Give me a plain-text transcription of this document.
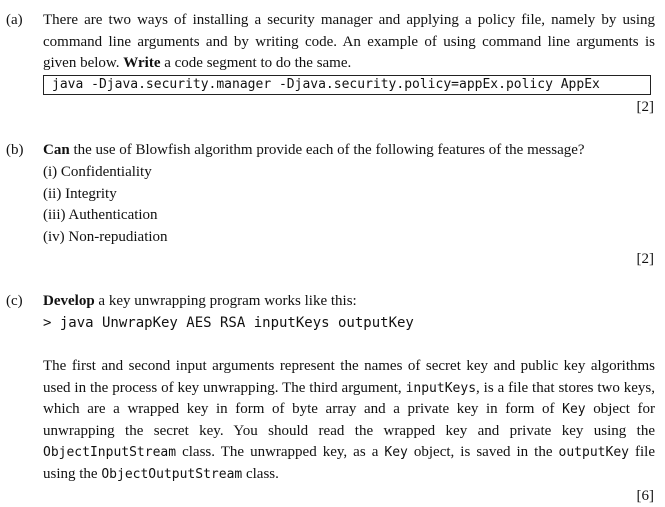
(a) There are two ways of installing a security manager and applying a policy file, namely by using command line arguments and by writing code. An example of using command line arguments is given below. Write a code segment to do the same.
java -Djava.security.manager -Djava.security.policy=appEx.policy AppEx
[2]
(b) Can the use of Blowfish algorithm provide each of the following features of the message?
(i) Confidentiality
(ii) Integrity
(iii) Authentication
(iv) Non-repudiation
[2]
(c) Develop a key unwrapping program works like this:
> java UnwrapKey AES RSA inputKeys outputKey
The first and second input arguments represent the names of secret key and public key algorithms used in the process of key unwrapping. The third argument, inputKeys, is a file that stores two keys, which are a wrapped key in form of byte array and a private key in form of Key object for unwrapping the secret key. You should read the wrapped key and private key using the ObjectInputStream class. The unwrapped key, as a Key object, is saved in the outputKey file using the ObjectOutputStream class.
[6]
